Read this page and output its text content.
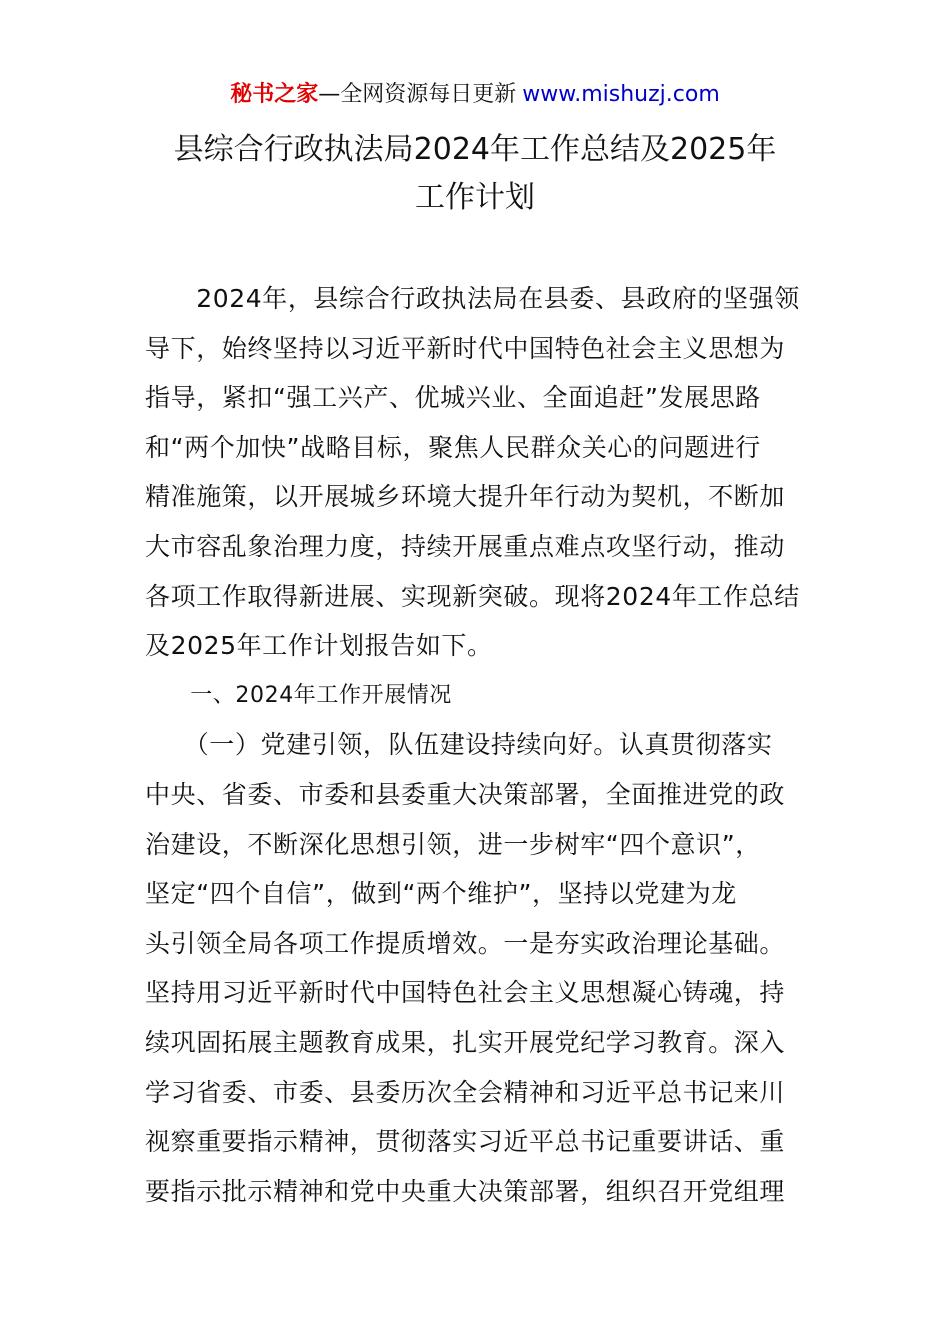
秘书之家—全网资源每日更新 www.mishuzj.com
县综合行政执法局2024年工作总结及2025年
工作计划
　　2024年，县综合行政执法局在县委、县政府的坚强领
导下，始终坚持以习近平新时代中国特色社会主义思想为
指导，紧扣“强工兴产、优城兴业、全面追赶”发展思路
和“两个加快”战略目标，聚焦人民群众关心的问题进行
精准施策，以开展城乡环境大提升年行动为契机，不断加
大市容乱象治理力度，持续开展重点难点攻坚行动，推动
各项工作取得新进展、实现新突破。现将2024年工作总结
及2025年工作计划报告如下。
　　一、2024年工作开展情况
　　（一）党建引领，队伍建设持续向好。认真贯彻落实
中央、省委、市委和县委重大决策部署，全面推进党的政
治建设，不断深化思想引领，进一步树牢“四个意识”，
坚定“四个自信”，做到“两个维护”，坚持以党建为龙
头引领全局各项工作提质增效。一是夯实政治理论基础。
坚持用习近平新时代中国特色社会主义思想凝心铸魂，持
续巩固拓展主题教育成果，扎实开展党纪学习教育。深入
学习省委、市委、县委历次全会精神和习近平总书记来川
视察重要指示精神，贯彻落实习近平总书记重要讲话、重
要指示批示精神和党中央重大决策部署，组织召开党组理
